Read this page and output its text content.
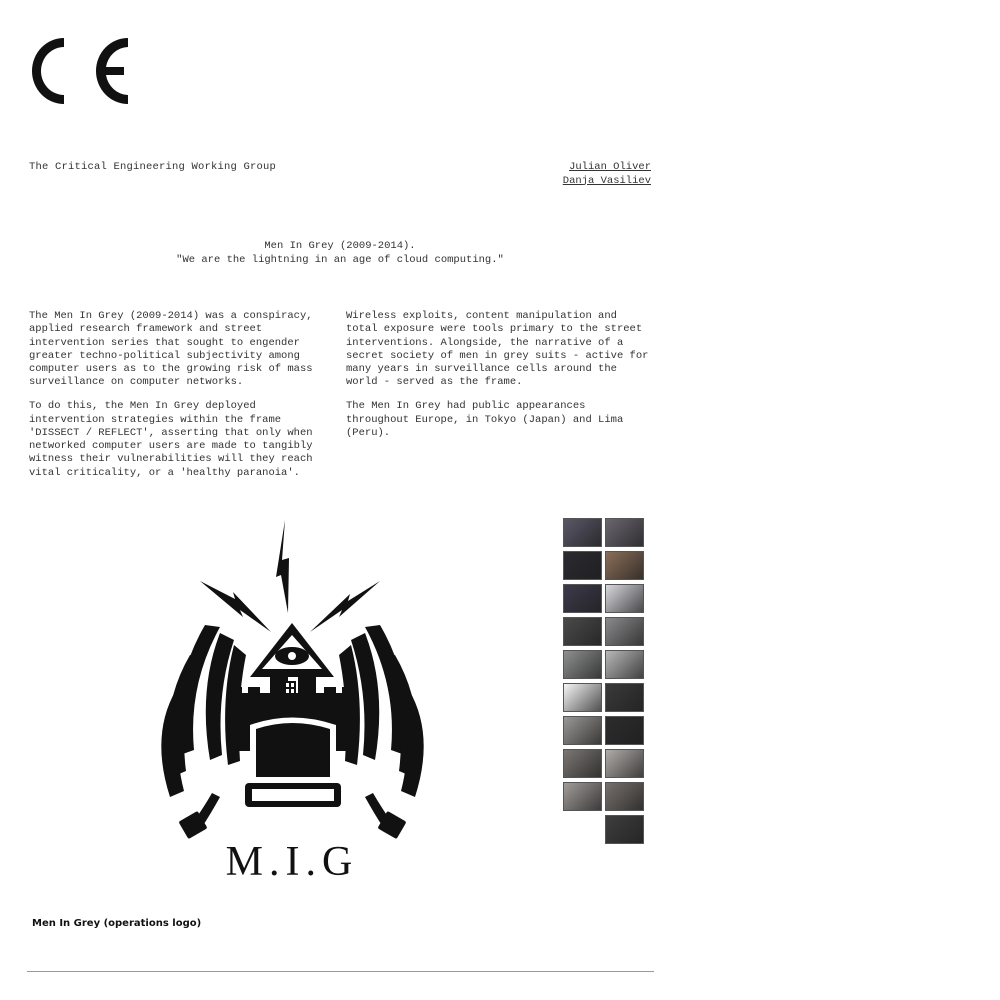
The Critical Engineering Working Group	Julian Oliver
Danja Vasiliev
Men In Grey (2009-2014).
"We are the lightning in an age of cloud computing."

The Men In Grey (2009-2014) was a conspiracy, applied research framework and street intervention series that sought to engender greater techno-political subjectivity among computer users as to the growing risk of mass surveillance on computer networks.

To do this, the Men In Grey deployed intervention strategies within the frame 'DISSECT / REFLECT', asserting that only when networked computer users are made to tangibly witness their vulnerabilities will they reach vital criticality, or a 'healthy paranoia'.

Wireless exploits, content manipulation and total exposure were tools primary to the street interventions. Alongside, the narrative of a secret society of men in grey suits - active for many years in surveillance cells around the world - served as the frame.

The Men In Grey had public appearances throughout Europe, in Tokyo (Japan) and Lima (Peru).

M.I.G
Men In Grey (operations logo)
